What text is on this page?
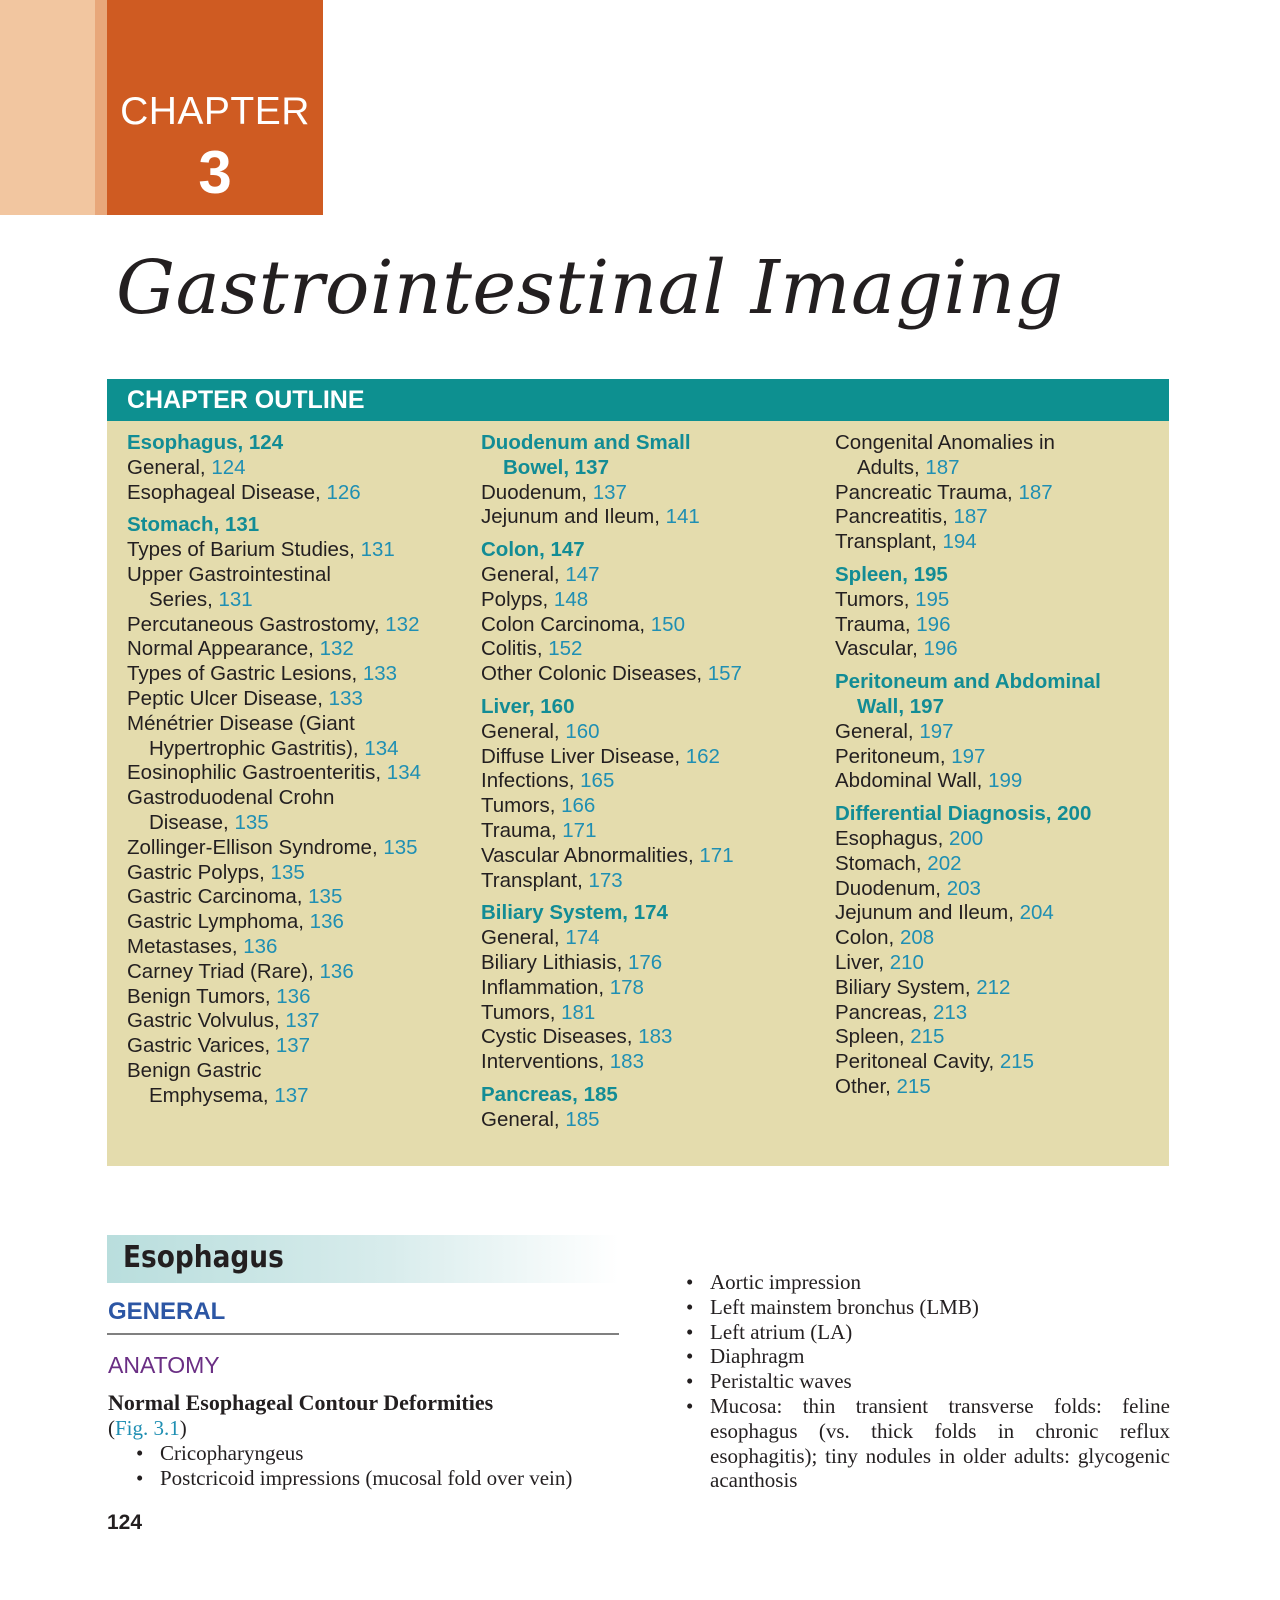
CHAPTER
3
Gastrointestinal Imaging
CHAPTER OUTLINE
Esophagus, 124
General, 124
Esophageal Disease, 126
Stomach, 131
Types of Barium Studies, 131
Upper Gastrointestinal
Series, 131
Percutaneous Gastrostomy, 132
Normal Appearance, 132
Types of Gastric Lesions, 133
Peptic Ulcer Disease, 133
Ménétrier Disease (Giant
Hypertrophic Gastritis), 134
Eosinophilic Gastroenteritis, 134
Gastroduodenal Crohn
Disease, 135
Zollinger-Ellison Syndrome, 135
Gastric Polyps, 135
Gastric Carcinoma, 135
Gastric Lymphoma, 136
Metastases, 136
Carney Triad (Rare), 136
Benign Tumors, 136
Gastric Volvulus, 137
Gastric Varices, 137
Benign Gastric
Emphysema, 137
Duodenum and Small
Bowel, 137
Duodenum, 137
Jejunum and Ileum, 141
Colon, 147
General, 147
Polyps, 148
Colon Carcinoma, 150
Colitis, 152
Other Colonic Diseases, 157
Liver, 160
General, 160
Diffuse Liver Disease, 162
Infections, 165
Tumors, 166
Trauma, 171
Vascular Abnormalities, 171
Transplant, 173
Biliary System, 174
General, 174
Biliary Lithiasis, 176
Inflammation, 178
Tumors, 181
Cystic Diseases, 183
Interventions, 183
Pancreas, 185
General, 185
Congenital Anomalies in
Adults, 187
Pancreatic Trauma, 187
Pancreatitis, 187
Transplant, 194
Spleen, 195
Tumors, 195
Trauma, 196
Vascular, 196
Peritoneum and Abdominal
Wall, 197
General, 197
Peritoneum, 197
Abdominal Wall, 199
Differential Diagnosis, 200
Esophagus, 200
Stomach, 202
Duodenum, 203
Jejunum and Ileum, 204
Colon, 208
Liver, 210
Biliary System, 212
Pancreas, 213
Spleen, 215
Peritoneal Cavity, 215
Other, 215
Esophagus
GENERAL
ANATOMY
Normal Esophageal Contour Deformities
(Fig. 3.1)
• Cricopharyngeus
• Postcricoid impressions (mucosal fold over vein)
• Aortic impression
• Left mainstem bronchus (LMB)
• Left atrium (LA)
• Diaphragm
• Peristaltic waves
• Mucosa: thin transient transverse folds: feline esophagus (vs. thick folds in chronic reflux esophagitis); tiny nodules in older adults: glycogenic acanthosis
124
